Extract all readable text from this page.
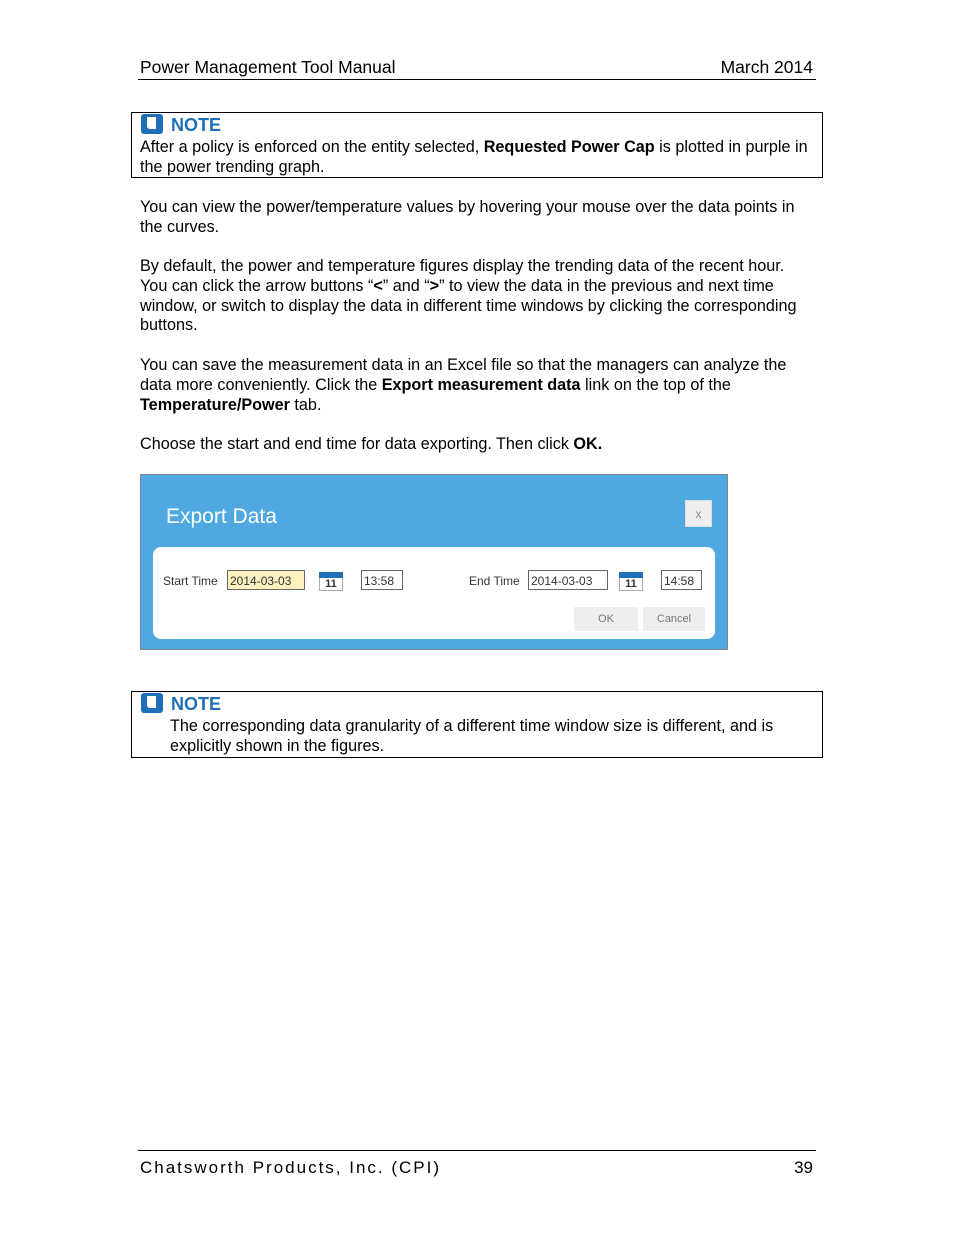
Power Management Tool Manual	March 2014
NOTE
After a policy is enforced on the entity selected, Requested Power Cap is plotted in purple in the power trending graph.
You can view the power/temperature values by hovering your mouse over the data points in the curves.
By default, the power and temperature figures display the trending data of the recent hour. You can click the arrow buttons “<” and “>” to view the data in the previous and next time window, or switch to display the data in different time windows by clicking the corresponding buttons.
You can save the measurement data in an Excel file so that the managers can analyze the data more conveniently. Click the Export measurement data link on the top of the Temperature/Power tab.
Choose the start and end time for data exporting. Then click OK.
Export Data	x
Start Time 2014-03-03	11	13:58	End Time 2014-03-03	11	14:58
OK	Cancel
NOTE
The corresponding data granularity of a different time window size is different, and is explicitly shown in the figures.
Chatsworth Products, Inc. (CPI)	39
